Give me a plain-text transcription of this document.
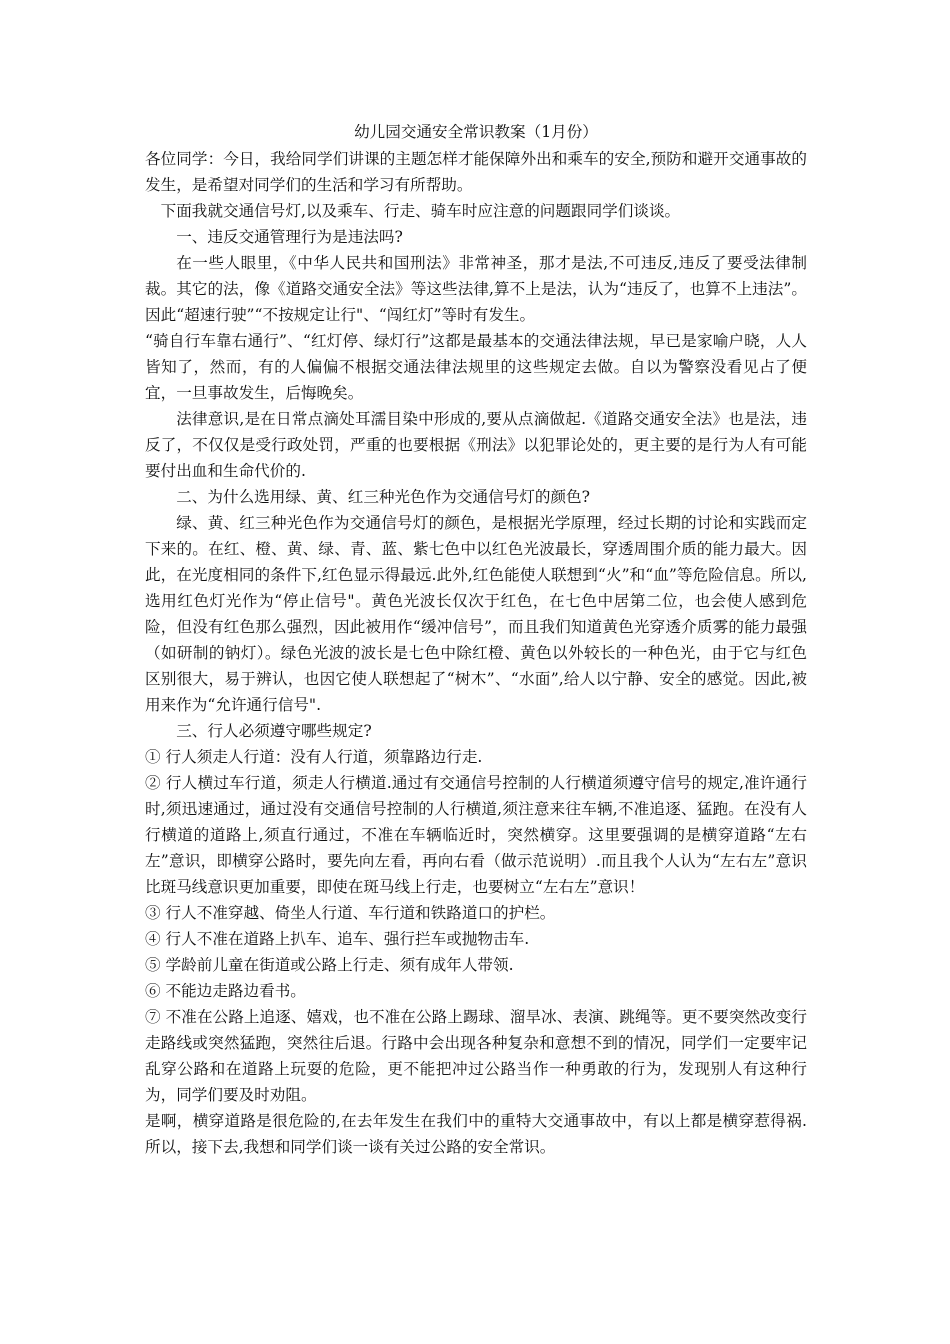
幼儿园交通安全常识教案（1月份）

各位同学：今日，我给同学们讲课的主题怎样才能保障外出和乘车的安全,预防和避开交通事故的发生，是希望对同学们的生活和学习有所帮助。

下面我就交通信号灯,以及乘车、行走、骑车时应注意的问题跟同学们谈谈。

一、违反交通管理行为是违法吗?

在一些人眼里，《中华人民共和国刑法》非常神圣，那才是法,不可违反,违反了要受法律制裁。其它的法，像《道路交通安全法》等这些法律,算不上是法，认为“违反了，也算不上违法”。因此“超速行驶”“不按规定让行"、“闯红灯”等时有发生。

“骑自行车靠右通行”、“红灯停、绿灯行”这都是最基本的交通法律法规，早已是家喻户晓，人人皆知了，然而，有的人偏偏不根据交通法律法规里的这些规定去做。自以为警察没看见占了便宜，一旦事故发生，后悔晚矣。

法律意识,是在日常点滴处耳濡目染中形成的,要从点滴做起.《道路交通安全法》也是法，违反了，不仅仅是受行政处罚，严重的也要根据《刑法》以犯罪论处的，更主要的是行为人有可能要付出血和生命代价的.

二、为什么选用绿、黄、红三种光色作为交通信号灯的颜色?

绿、黄、红三种光色作为交通信号灯的颜色，是根据光学原理，经过长期的讨论和实践而定下来的。在红、橙、黄、绿、青、蓝、紫七色中以红色光波最长，穿透周围介质的能力最大。因此，在光度相同的条件下,红色显示得最远.此外,红色能使人联想到“火”和“血”等危险信息。所以,选用红色灯光作为“停止信号"。黄色光波长仅次于红色，在七色中居第二位，也会使人感到危险，但没有红色那么强烈，因此被用作“缓冲信号”，而且我们知道黄色光穿透介质雾的能力最强（如研制的钠灯）。绿色光波的波长是七色中除红橙、黄色以外较长的一种色光，由于它与红色区别很大，易于辨认，也因它使人联想起了“树木”、“水面”,给人以宁静、安全的感觉。因此,被用来作为“允许通行信号".

三、行人必须遵守哪些规定?

① 行人须走人行道：没有人行道，须靠路边行走.

② 行人横过车行道，须走人行横道.通过有交通信号控制的人行横道须遵守信号的规定,准许通行时,须迅速通过，通过没有交通信号控制的人行横道,须注意来往车辆,不准追逐、猛跑。在没有人行横道的道路上,须直行通过，不准在车辆临近时，突然横穿。这里要强调的是横穿道路“左右左”意识，即横穿公路时，要先向左看，再向右看（做示范说明）.而且我个人认为“左右左”意识比斑马线意识更加重要，即使在斑马线上行走，也要树立“左右左”意识！

③ 行人不准穿越、倚坐人行道、车行道和铁路道口的护栏。

④ 行人不准在道路上扒车、追车、强行拦车或抛物击车.

⑤ 学龄前儿童在街道或公路上行走、须有成年人带领.

⑥ 不能边走路边看书。

⑦ 不准在公路上追逐、嬉戏，也不准在公路上踢球、溜旱冰、表演、跳绳等。更不要突然改变行走路线或突然猛跑，突然往后退。行路中会出现各种复杂和意想不到的情况，同学们一定要牢记乱穿公路和在道路上玩耍的危险，更不能把冲过公路当作一种勇敢的行为，发现别人有这种行为，同学们要及时劝阻。

是啊，横穿道路是很危险的,在去年发生在我们中的重特大交通事故中，有以上都是横穿惹得祸.所以，接下去,我想和同学们谈一谈有关过公路的安全常识。
